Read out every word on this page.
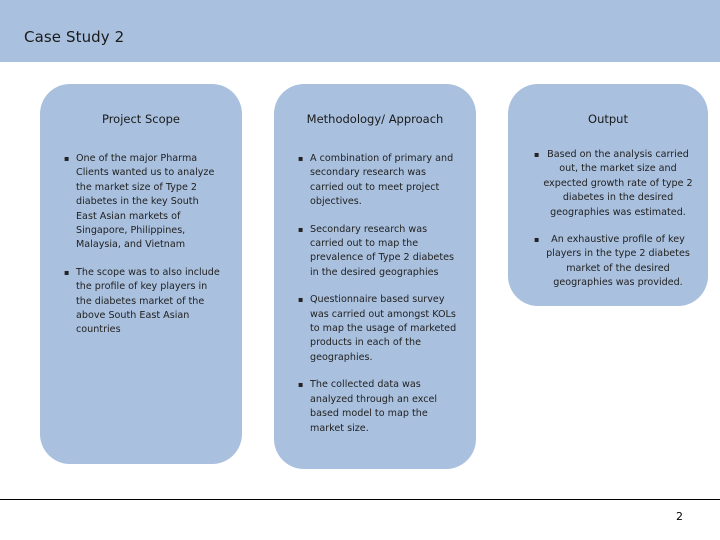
Case Study 2
Project Scope
▪ One of the major Pharma Clients wanted us to analyze the market size of Type 2 diabetes in the key South East Asian markets of Singapore, Philippines, Malaysia, and Vietnam
▪ The scope was to also include the profile of key players in the diabetes market of the above South East Asian countries
Methodology/ Approach
▪ A combination of primary and secondary research was carried out to meet project objectives.
▪ Secondary research was carried out to map the prevalence of Type 2 diabetes in the desired geographies
▪ Questionnaire based survey was carried out amongst KOLs to map the usage of marketed products in each of the geographies.
▪ The collected data was analyzed through an excel based model to map the market size.
Output
▪ Based on the analysis carried out, the market size and expected growth rate of type 2 diabetes in the desired geographies was estimated.
▪ An exhaustive profile of key players in the type 2 diabetes market of the desired geographies was provided.
2
